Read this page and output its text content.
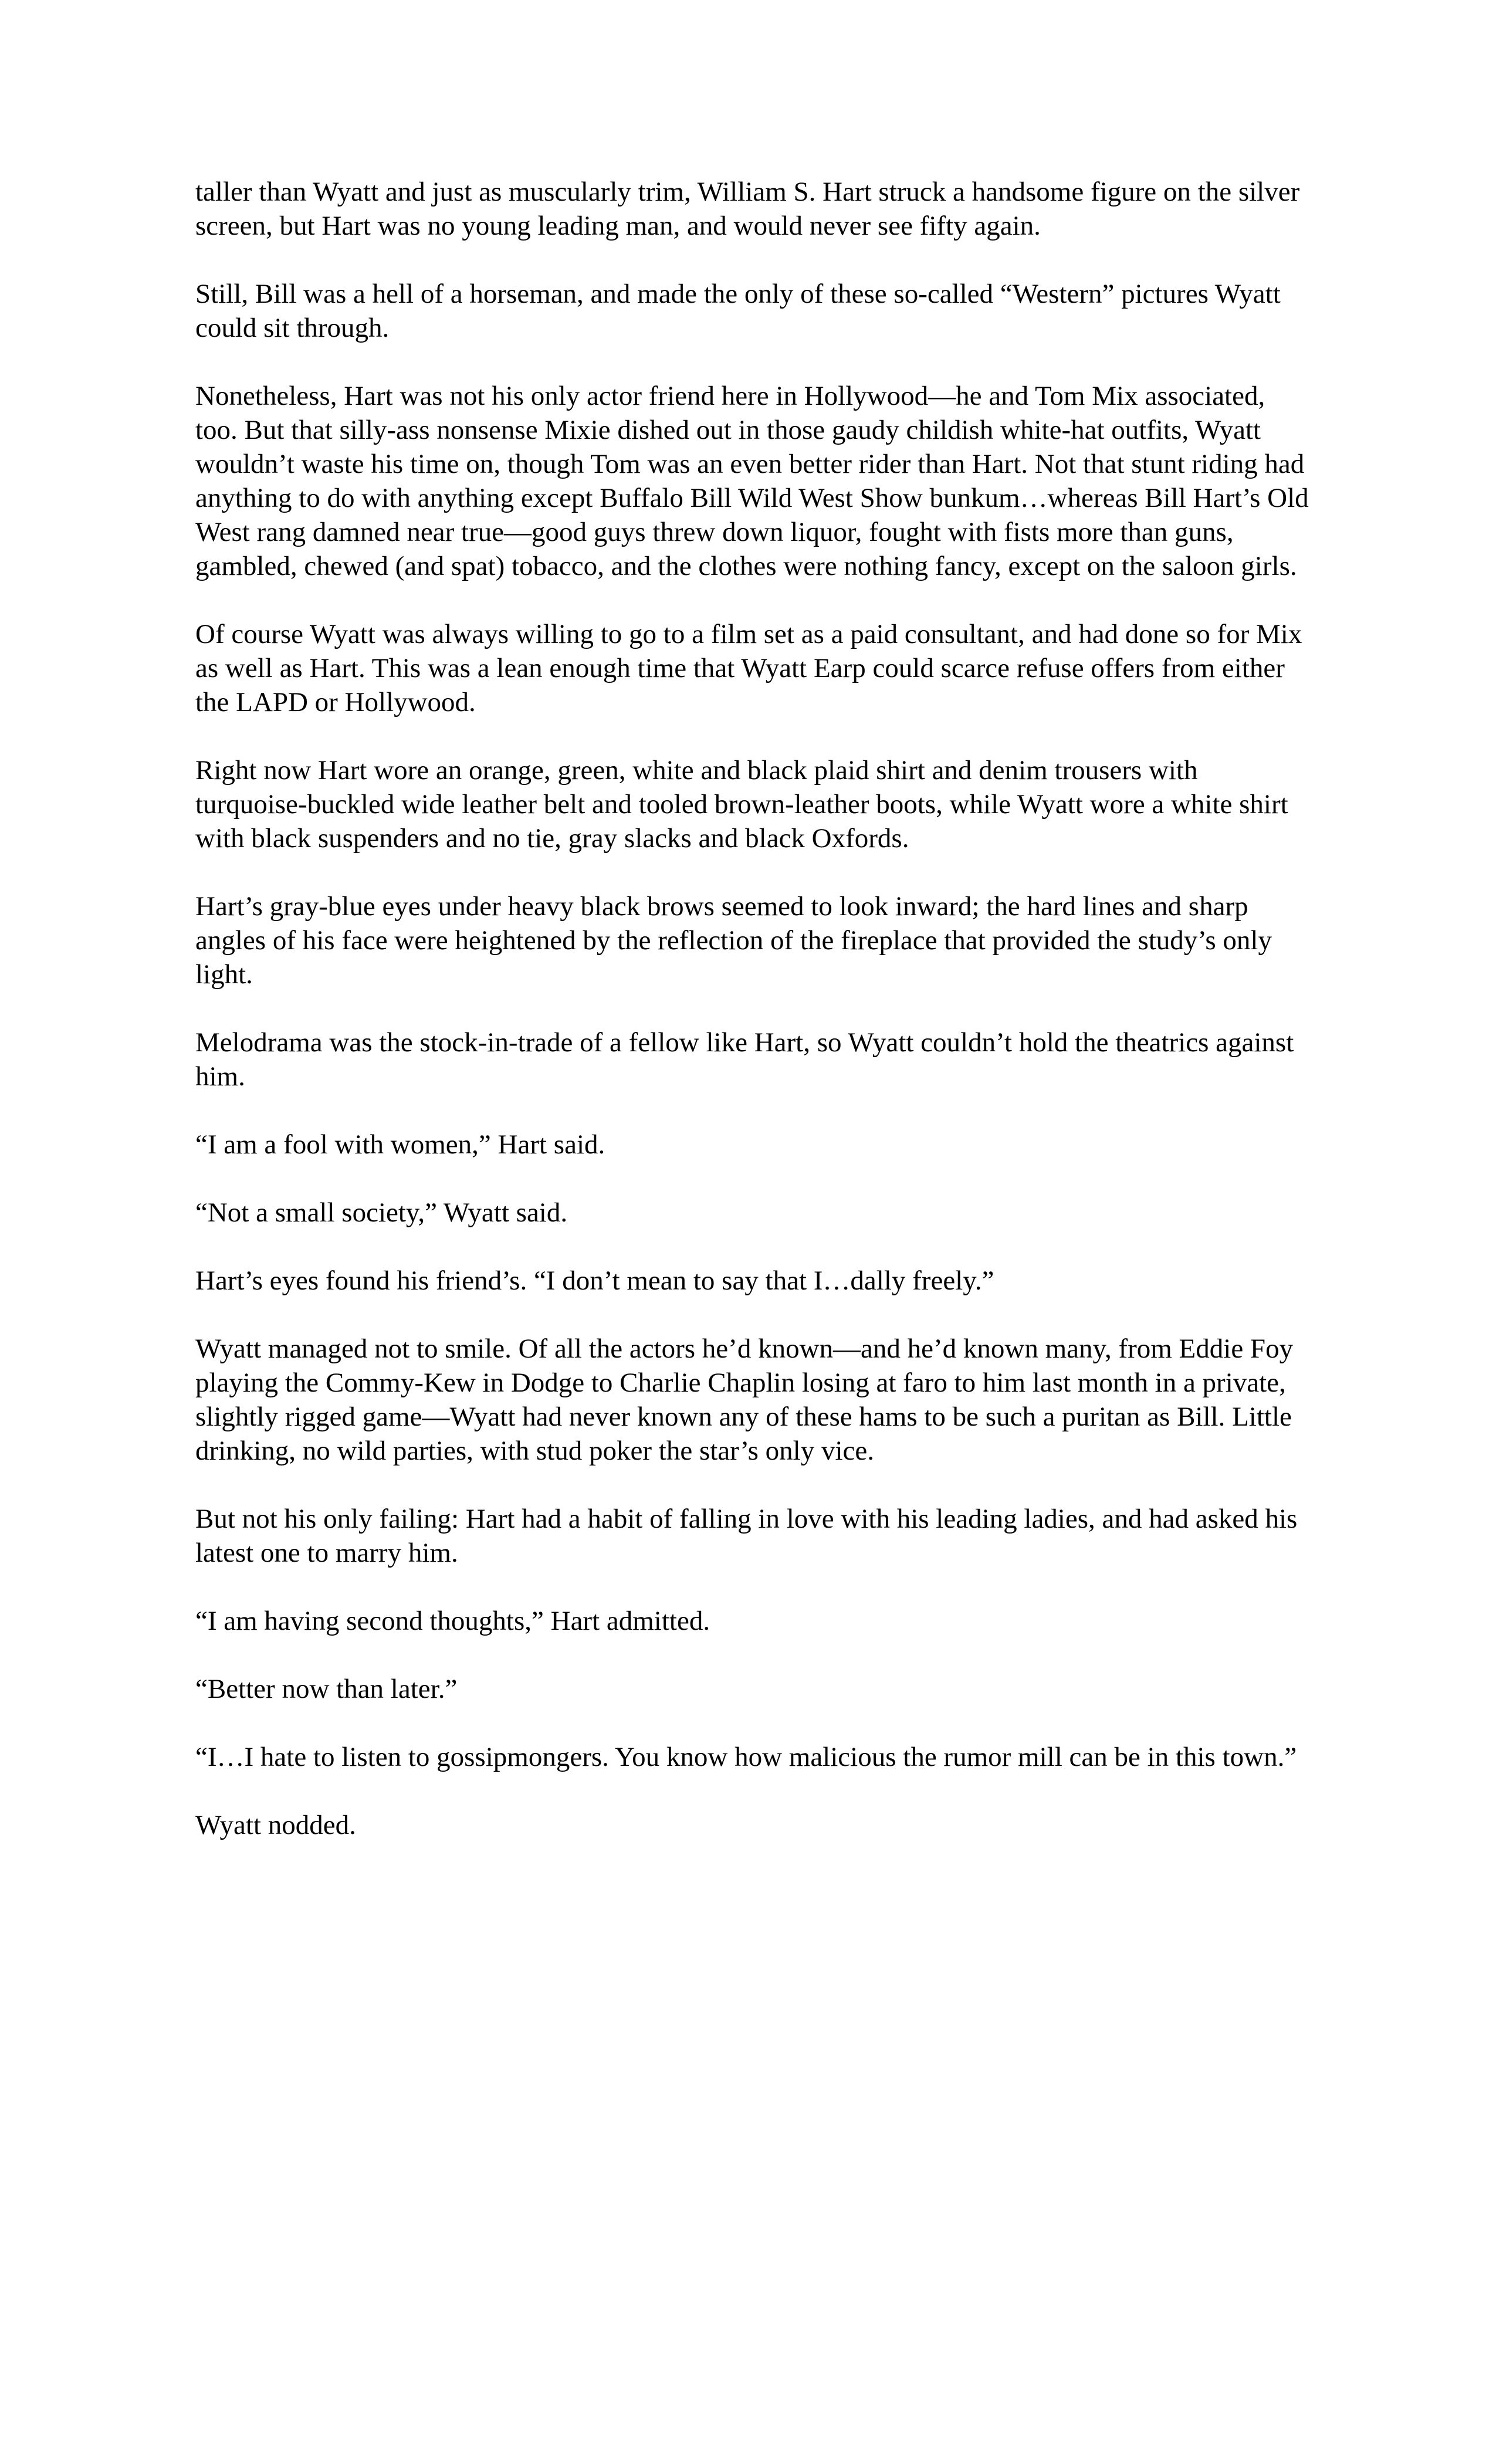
taller than Wyatt and just as muscularly trim, William S. Hart struck a handsome figure on the silver screen, but Hart was no young leading man, and would never see fifty again.

Still, Bill was a hell of a horseman, and made the only of these so-called “Western” pictures Wyatt could sit through.

Nonetheless, Hart was not his only actor friend here in Hollywood—he and Tom Mix associated, too. But that silly-ass nonsense Mixie dished out in those gaudy childish white-hat outfits, Wyatt wouldn’t waste his time on, though Tom was an even better rider than Hart. Not that stunt riding had anything to do with anything except Buffalo Bill Wild West Show bunkum…whereas Bill Hart’s Old West rang damned near true—good guys threw down liquor, fought with fists more than guns, gambled, chewed (and spat) tobacco, and the clothes were nothing fancy, except on the saloon girls.

Of course Wyatt was always willing to go to a film set as a paid consultant, and had done so for Mix as well as Hart. This was a lean enough time that Wyatt Earp could scarce refuse offers from either the LAPD or Hollywood.

Right now Hart wore an orange, green, white and black plaid shirt and denim trousers with turquoise-buckled wide leather belt and tooled brown-leather boots, while Wyatt wore a white shirt with black suspenders and no tie, gray slacks and black Oxfords.

Hart’s gray-blue eyes under heavy black brows seemed to look inward; the hard lines and sharp angles of his face were heightened by the reflection of the fireplace that provided the study’s only light.

Melodrama was the stock-in-trade of a fellow like Hart, so Wyatt couldn’t hold the theatrics against him.

“I am a fool with women,” Hart said.

“Not a small society,” Wyatt said.

Hart’s eyes found his friend’s. “I don’t mean to say that I…dally freely.”

Wyatt managed not to smile. Of all the actors he’d known—and he’d known many, from Eddie Foy playing the Commy-Kew in Dodge to Charlie Chaplin losing at faro to him last month in a private, slightly rigged game—Wyatt had never known any of these hams to be such a puritan as Bill. Little drinking, no wild parties, with stud poker the star’s only vice.

But not his only failing: Hart had a habit of falling in love with his leading ladies, and had asked his latest one to marry him.

“I am having second thoughts,” Hart admitted.

“Better now than later.”

“I…I hate to listen to gossipmongers. You know how malicious the rumor mill can be in this town.”

Wyatt nodded.
